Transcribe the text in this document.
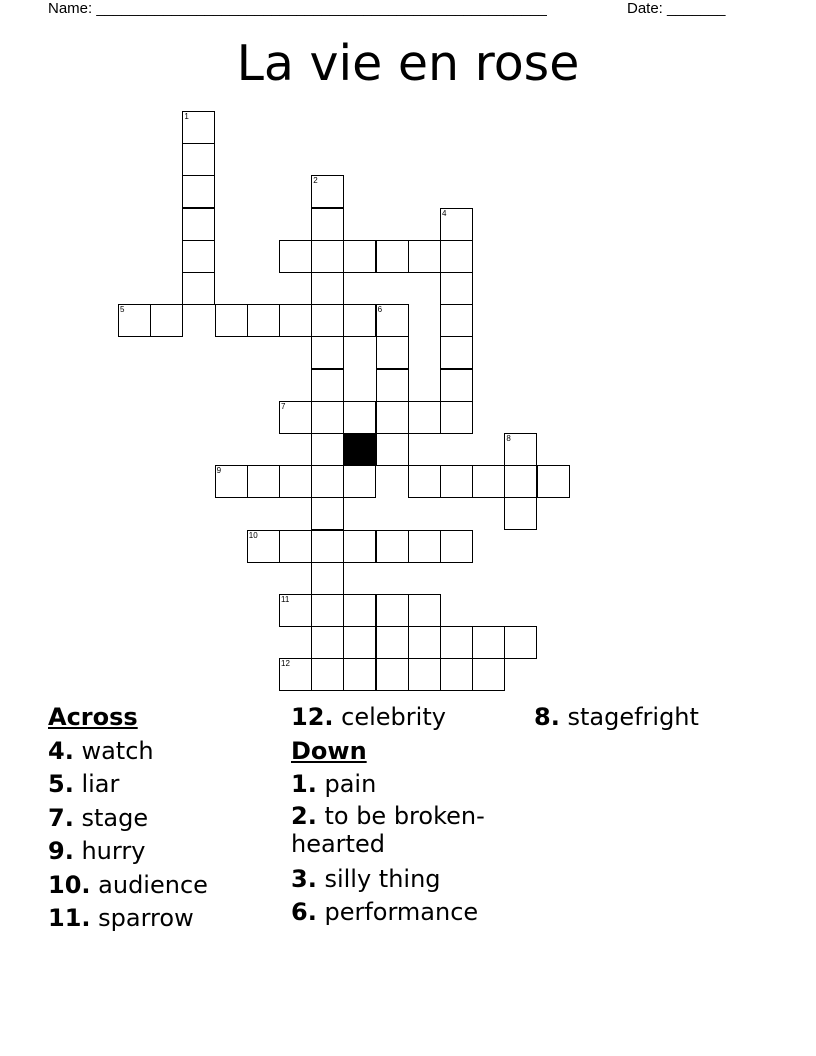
Name: ______________________________________________________	Date: _______
La vie en rose
4
1
2
5	6
7
9
8
10
11
12
Across
4. watch
5. liar
7. stage
9. hurry
10. audience
11. sparrow
12. celebrity
Down
1. pain
2. to be broken-hearted
3. silly thing
6. performance
8. stagefright
